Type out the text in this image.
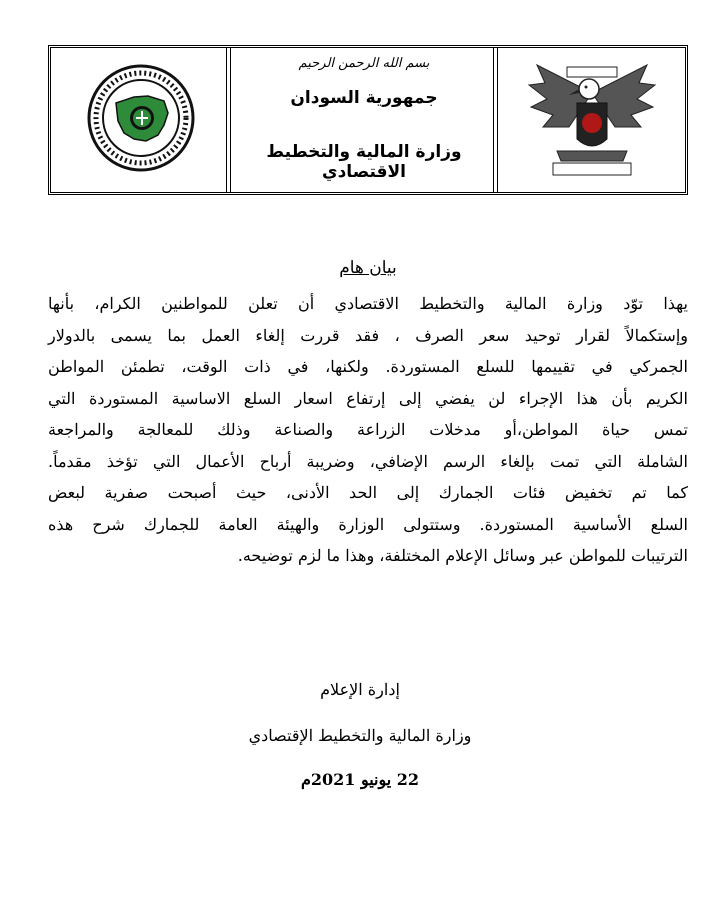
بسم الله الرحمن الرحيم
جمهورية السودان
وزارة المالية والتخطيط الاقتصادي
بيان هام

يهذا توّد وزارة المالية والتخطيط الاقتصادي أن تعلن للمواطنين الكرام، بأنها
وإستكمالاً لقرار توحيد سعر الصرف ، فقد قررت إلغاء العمل بما يسمى بالدولار
الجمركي في تقييمها للسلع المستوردة. ولكنها، في ذات الوقت، تطمئن المواطن
الكريم بأن هذا الإجراء لن يفضي إلى إرتفاع اسعار السلع الاساسية المستوردة التي
تمس حياة المواطن،أو مدخلات الزراعة والصناعة وذلك للمعالجة والمراجعة
الشاملة التي تمت بإلغاء الرسم الإضافي، وضريبة أرباح الأعمال التي تؤخذ مقدماً.
كما تم تخفيض فئات الجمارك إلى الحد الأدنى، حيث أصبحت صفرية لبعض
السلع الأساسية المستوردة. وستتولى الوزارة والهيئة العامة للجمارك شرح هذه
الترتيبات للمواطن عبر وسائل الإعلام المختلفة، وهذا ما لزم توضيحه.

إدارة الإعلام
وزارة المالية والتخطيط الإقتصادي
22 يونيو 2021م
